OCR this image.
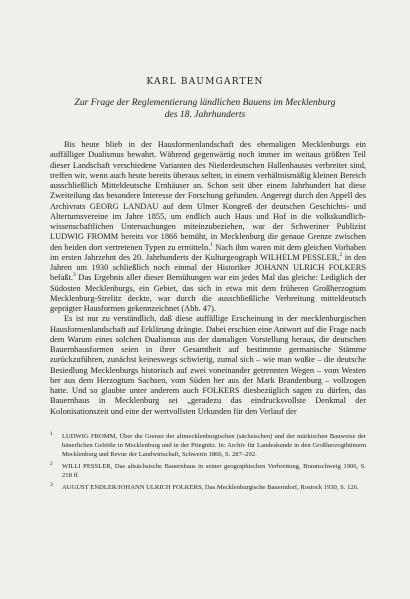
KARL BAUMGARTEN
Zur Frage der Reglementierung ländlichen Bauens im Mecklenburg
des 18. Jahrhunderts

Bis heute blieb in der Hausformenlandschaft des ehemaligen Mecklenburgs ein auffälliger Dualismus bewahrt. Während gegenwärtig noch immer im weitaus größten Teil dieser Landschaft verschiedene Varianten des Niederdeutschen Hallenhauses verbreitet sind, treffen wir, wenn auch heute bereits überaus selten, in einem verhältnismäßig kleinen Bereich ausschließlich Mitteldeutsche Ernhäuser an. Schon seit über einem Jahrhundert hat diese Zweiteilung das besondere Interesse der Forschung gefunden. Angeregt durch den Appell des Archivrats GEORG LANDAU auf dem Ulmer Kongreß der deutschen Geschichts- und Altertumsvereine im Jahre 1855, um endlich auch Haus und Hof in die volkskundlich-wissenschaftlichen Untersuchungen miteinzubeziehen, war der Schweriner Publizist LUDWIG FROMM bereits vor 1866 bemüht, in Mecklenburg die genaue Grenze zwischen den beiden dort vertretenen Typen zu ermitteln.$^1$ Nach ihm waren mit dem gleichen Vorhaben im ersten Jahrzehnt des 20. Jahrhunderts der Kulturgeograph WILHELM PESSLER,$^2$ in den Jahren um 1930 schließlich noch einmal der Historiker JOHANN ULRICH FOLKERS befaßt.$^3$ Das Ergebnis aller dieser Bemühungen war ein jedes Mal das gleiche: Lediglich der Südosten Mecklenburgs, ein Gebiet, das sich in etwa mit dem früheren Großherzogtum Mecklenburg-Strelitz deckte, war durch die ausschließliche Verbreitung mitteldeutsch geprägter Hausformen gekennzeichnet (Abb. 47).

Es ist nur zu verständlich, daß diese auffällige Erscheinung in der mecklenburgischen Hausformenlandschaft auf Erklärung drängte. Dabei erschien eine Antwort auf die Frage nach dem Warum eines solchen Dualismus aus der damaligen Vorstellung heraus, die deutschen Bauernhausformen seien in ihrer Gesamtheit auf bestimmte germanische Stämme zurückzuführen, zunächst keineswegs schwierig, zumal sich – wie man wußte – die deutsche Besiedlung Mecklenburgs historisch auf zwei voneinander getrennten Wegen – vom Westen her aus dem Herzogtum Sachsen, vom Süden her aus der Mark Brandenburg – vollzogen hatte. Und so glaubte unter anderem auch FOLKERS diesbezüglich sagen zu dürfen, das Bauernhaus in Mecklenburg sei „geradezu das eindrucksvollste Denkmal der Kolonisationszeit und eine der wertvollsten Urkunden für den Verlauf der

$^1$	LUDWIG FROMM, Über die Grenze der altmecklenburgischen (sächsischen) und der märkischen Bauweise der bäuerlichen Gehöfte in Mecklenburg und in der Priegnitz. In: Archiv für Landeskunde in den Großherzogthümern Mecklenburg und Revue der Landwirtschaft, Schwerin 1866, S. 287–292.
$^2$	WILLI PESSLER, Das altsächsische Bauernhaus in seiner geographischen Verbreitung, Braunschweig 1906, S. 218 ff.
$^3$	AUGUST ENDLER/JOHANN ULRICH FOLKERS, Das Mecklenburgische Bauerndorf, Rostock 1930, S. 126.
